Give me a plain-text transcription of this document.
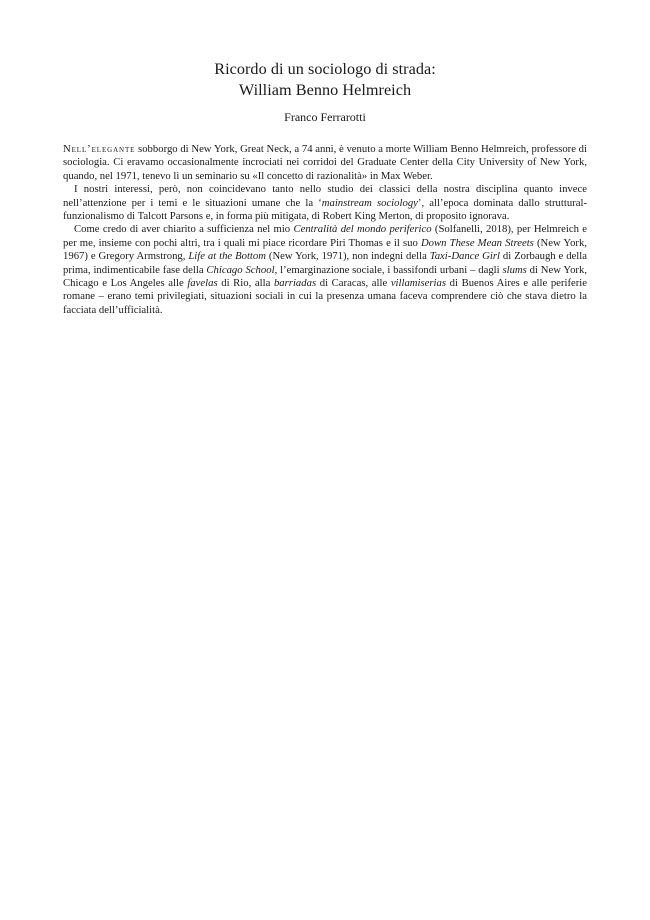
Ricordo di un sociologo di strada:
William Benno Helmreich
Franco Ferrarotti

Nell’elegante sobborgo di New York, Great Neck, a 74 anni, è venuto a morte William Benno Helmreich, professore di sociologia. Ci eravamo occasionalmente incrociati nei corridoi del Graduate Center della City University of New York, quando, nel 1971, tenevo lì un seminario su «Il concetto di razionalità» in Max Weber.

I nostri interessi, però, non coincidevano tanto nello studio dei classici della nostra disciplina quanto invece nell’attenzione per i temi e le situazioni umane che la ‘mainstream sociology’, all’epoca dominata dallo struttural-funzionalismo di Talcott Parsons e, in forma più mitigata, di Robert King Merton, di proposito ignorava.

Come credo di aver chiarito a sufficienza nel mio Centralità del mondo periferico (Solfanelli, 2018), per Helmreich e per me, insieme con pochi altri, tra i quali mi piace ricordare Piri Thomas e il suo Down These Mean Streets (New York, 1967) e Gregory Armstrong, Life at the Bottom (New York, 1971), non indegni della Taxi-Dance Girl di Zorbaugh e della prima, indimenticabile fase della Chicago School, l’emarginazione sociale, i bassifondi urbani – dagli slums di New York, Chicago e Los Angeles alle favelas di Rio, alla barriadas di Caracas, alle villamiserias di Buenos Aires e alle periferie romane – erano temi privilegiati, situazioni sociali in cui la presenza umana faceva comprendere ciò che stava dietro la facciata dell’ufficialità.
